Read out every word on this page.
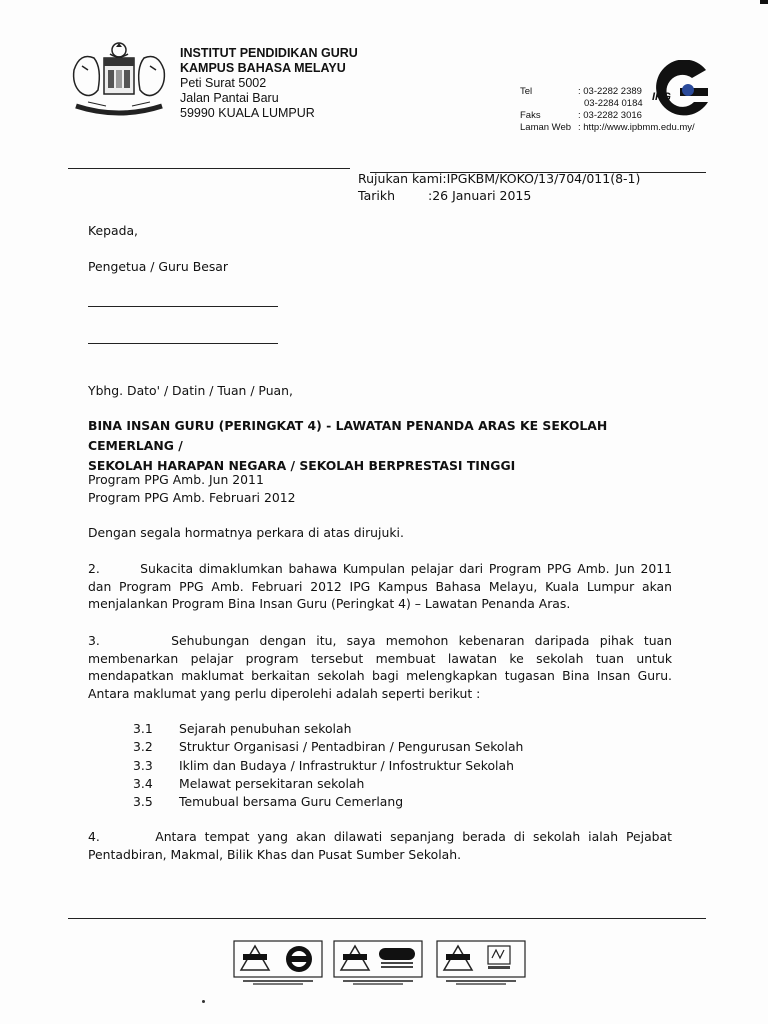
INSTITUT PENDIDIKAN GURU
KAMPUS BAHASA MELAYU
Peti Surat 5002
Jalan Pantai Baru
59990 KUALA LUMPUR
Tel	: 03-2282 2389
03-2284 0184
Faks	: 03-2282 3016
Laman Web : http://www.ipbmm.edu.my/
IPG
Rujukan kami: IPGKBM/KOKO/13/704/011(8-1)
Tarikh	:26 Januari 2015
Kepada,
Pengetua / Guru Besar
Ybhg. Dato' / Datin / Tuan / Puan,
BINA INSAN GURU (PERINGKAT 4) - LAWATAN PENANDA ARAS KE SEKOLAH CEMERLANG /
SEKOLAH HARAPAN NEGARA / SEKOLAH BERPRESTASI TINGGI
Program PPG Amb. Jun 2011
Program PPG Amb. Februari 2012
Dengan segala hormatnya perkara di atas dirujuki.
2.       Sukacita dimaklumkan bahawa Kumpulan pelajar dari Program PPG Amb. Jun 2011
dan Program PPG Amb. Februari 2012 IPG Kampus Bahasa Melayu, Kuala Lumpur akan
menjalankan Program Bina Insan Guru (Peringkat 4) – Lawatan Penanda Aras.
3.       Sehubungan dengan itu, saya memohon kebenaran daripada pihak tuan
membenarkan pelajar program tersebut membuat lawatan ke sekolah tuan untuk
mendapatkan maklumat berkaitan sekolah bagi melengkapkan tugasan Bina Insan Guru.
Antara maklumat yang perlu diperolehi adalah seperti berikut :
3.1	Sejarah penubuhan sekolah
3.2	Struktur Organisasi / Pentadbiran / Pengurusan Sekolah
3.3	Iklim dan Budaya / Infrastruktur / Infostruktur Sekolah
3.4	Melawat persekitaran sekolah
3.5	Temubual bersama Guru Cemerlang
4.       Antara tempat yang akan dilawati sepanjang berada di sekolah ialah Pejabat
Pentadbiran, Makmal, Bilik Khas dan Pusat Sumber Sekolah.
